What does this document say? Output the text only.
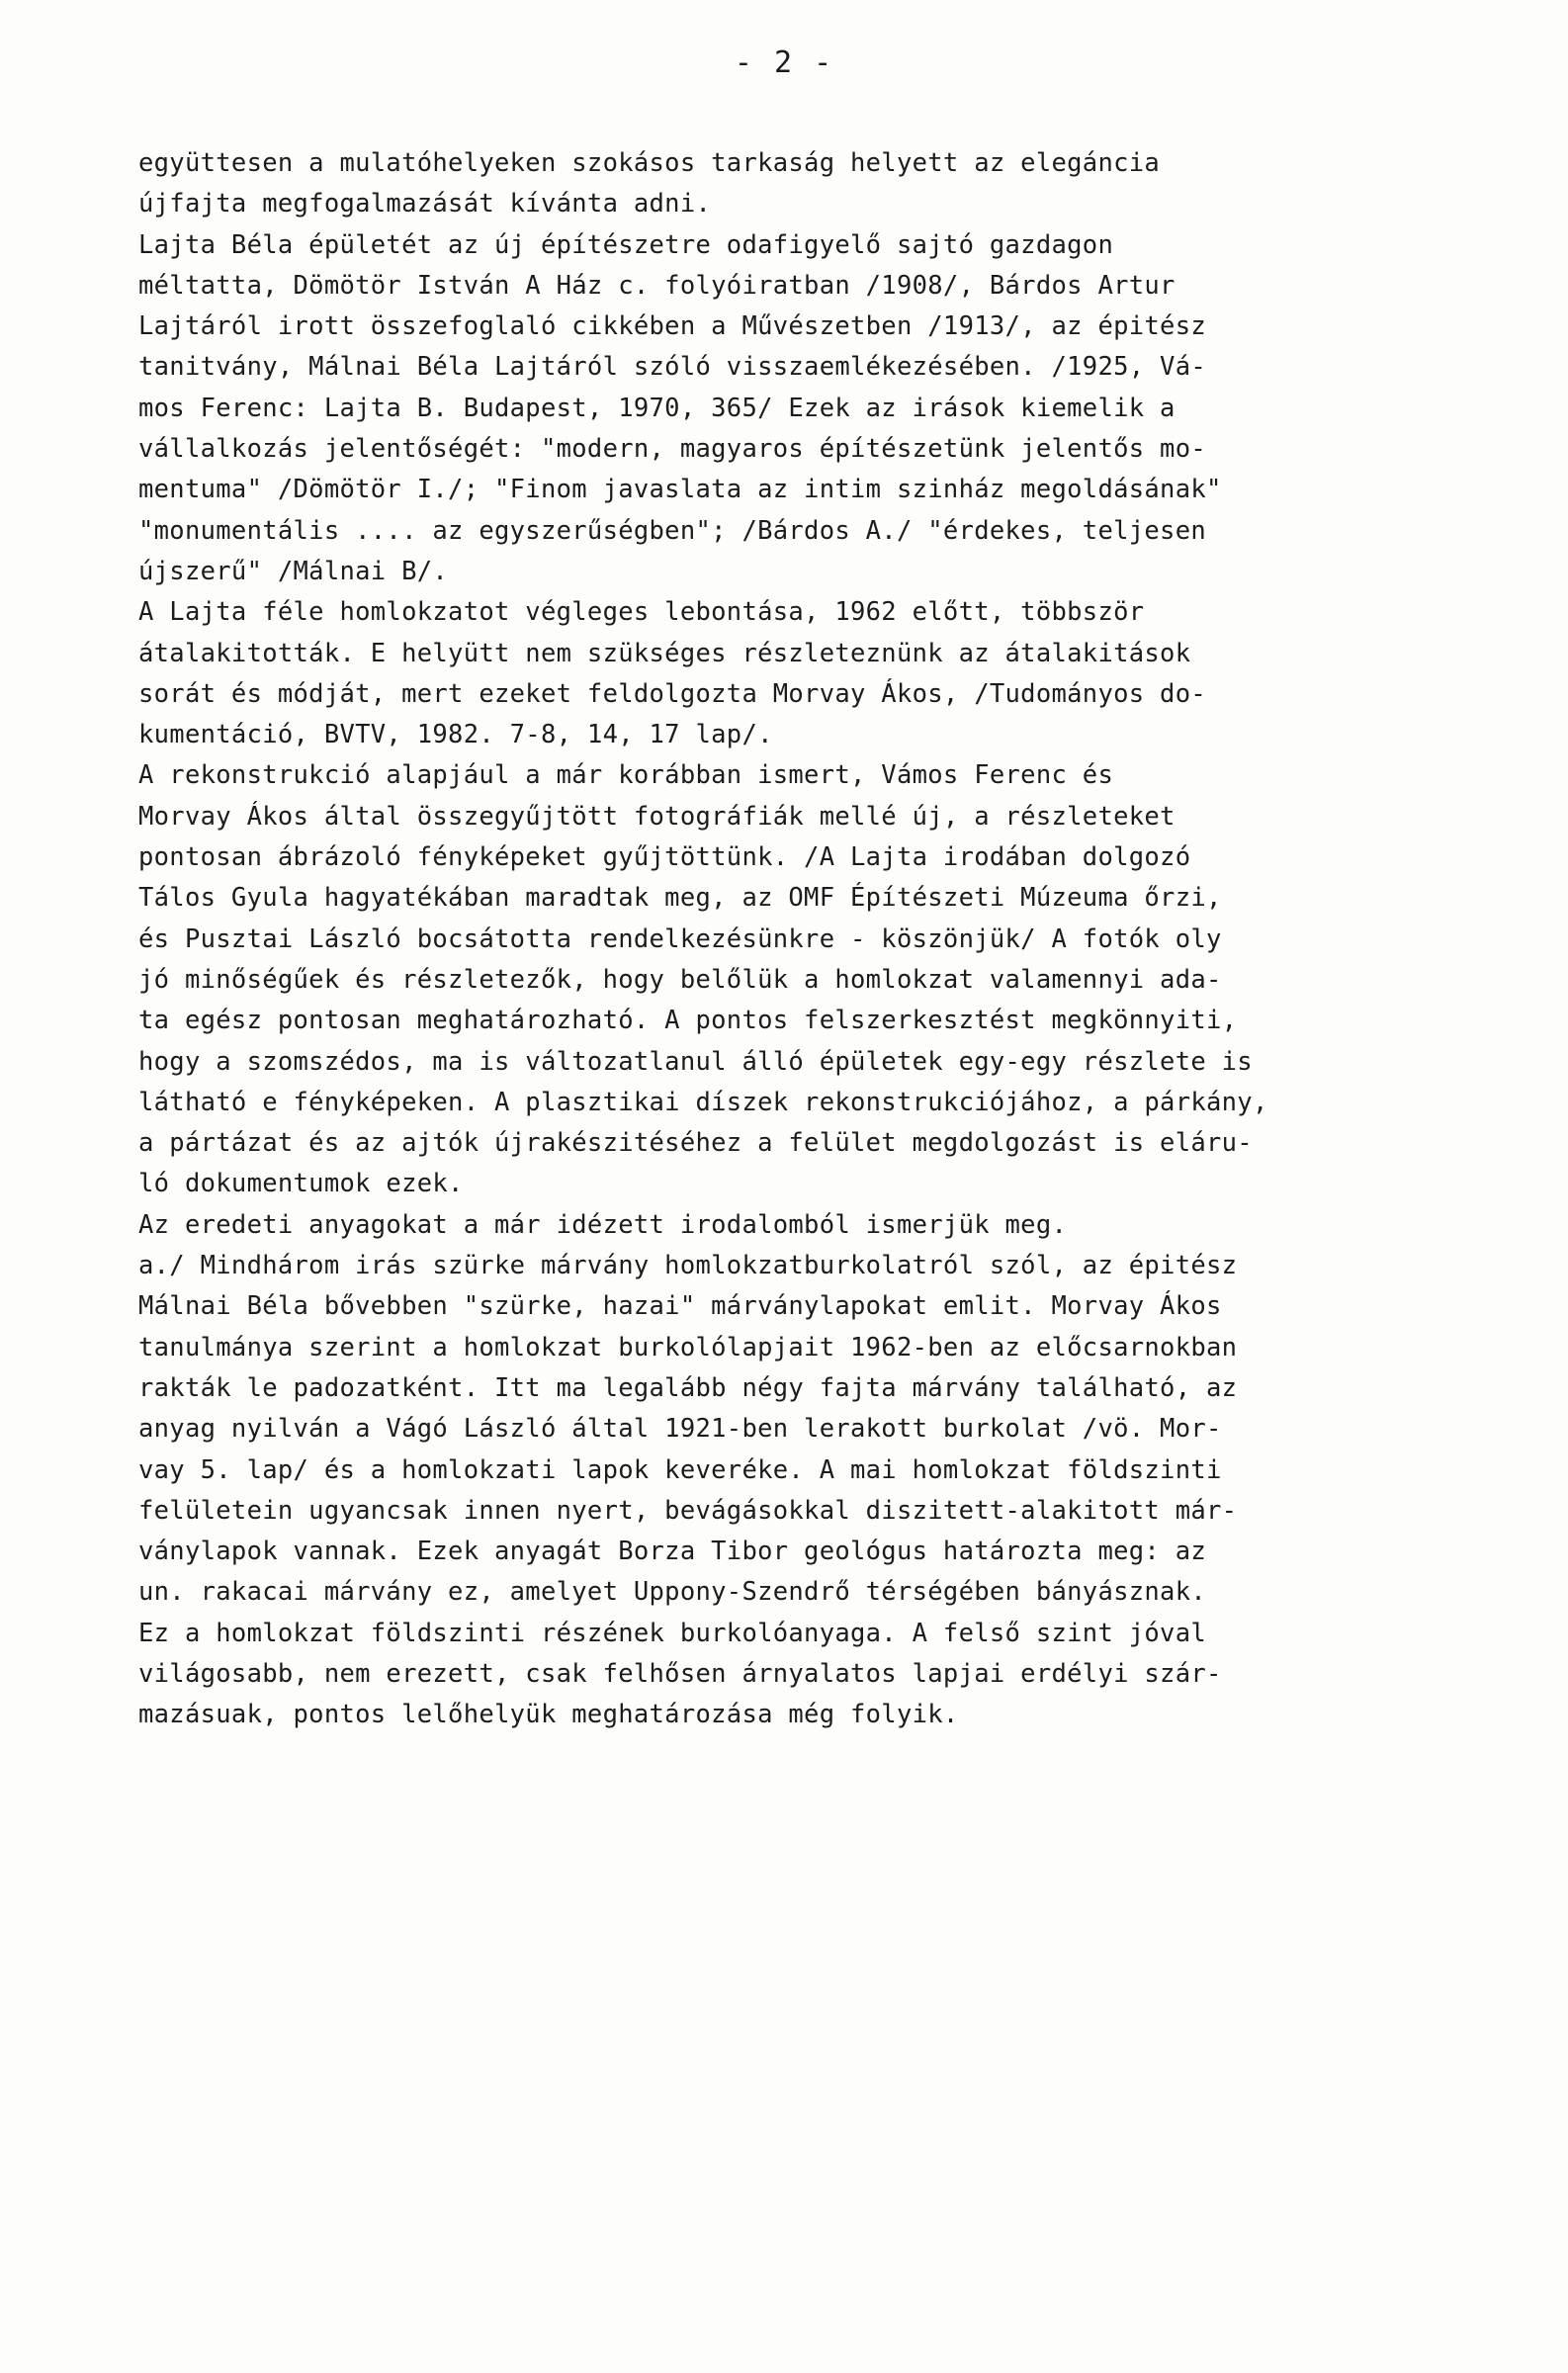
- 2 -
együttesen a mulatóhelyeken szokásos tarkaság helyett az elegáncia
újfajta megfogalmazását kívánta adni.
Lajta Béla épületét az új építészetre odafigyelő sajtó gazdagon
méltatta, Dömötör István A Ház c. folyóiratban /1908/, Bárdos Artur
Lajtáról irott összefoglaló cikkében a Művészetben /1913/, az épitész
tanitvány, Málnai Béla Lajtáról szóló visszaemlékezésében. /1925, Vá-
mos Ferenc: Lajta B. Budapest, 1970, 365/ Ezek az irások kiemelik a
vállalkozás jelentőségét: "modern, magyaros építészetünk jelentős mo-
mentuma" /Dömötör I./; "Finom javaslata az intim szinház megoldásának"
"monumentális .... az egyszerűségben"; /Bárdos A./ "érdekes, teljesen
újszerű" /Málnai B/.
A Lajta féle homlokzatot végleges lebontása, 1962 előtt, többször
átalakitották. E helyütt nem szükséges részleteznünk az átalakitások
sorát és módját, mert ezeket feldolgozta Morvay Ákos, /Tudományos do-
kumentáció, BVTV, 1982. 7-8, 14, 17 lap/.
A rekonstrukció alapjául a már korábban ismert, Vámos Ferenc és
Morvay Ákos által összegyűjtött fotográfiák mellé új, a részleteket
pontosan ábrázoló fényképeket gyűjtöttünk. /A Lajta irodában dolgozó
Tálos Gyula hagyatékában maradtak meg, az OMF Építészeti Múzeuma őrzi,
és Pusztai László bocsátotta rendelkezésünkre - köszönjük/ A fotók oly
jó minőségűek és részletezők, hogy belőlük a homlokzat valamennyi ada-
ta egész pontosan meghatározható. A pontos felszerkesztést megkönnyiti,
hogy a szomszédos, ma is változatlanul álló épületek egy-egy részlete is
látható e fényképeken. A plasztikai díszek rekonstrukciójához, a párkány,
a pártázat és az ajtók újrakészitéséhez a felület megdolgozást is eláru-
ló dokumentumok ezek.
Az eredeti anyagokat a már idézett irodalomból ismerjük meg.
a./ Mindhárom irás szürke márvány homlokzatburkolatról szól, az épitész
Málnai Béla bővebben "szürke, hazai" márványlapokat emlit. Morvay Ákos
tanulmánya szerint a homlokzat burkolólapjait 1962-ben az előcsarnokban
rakták le padozatként. Itt ma legalább négy fajta márvány található, az
anyag nyilván a Vágó László által 1921-ben lerakott burkolat /vö. Mor-
vay 5. lap/ és a homlokzati lapok keveréke. A mai homlokzat földszinti
felületein ugyancsak innen nyert, bevágásokkal diszitett-alakitott már-
ványlapok vannak. Ezek anyagát Borza Tibor geológus határozta meg: az
un. rakacai márvány ez, amelyet Uppony-Szendrő térségében bányásznak.
Ez a homlokzat földszinti részének burkolóanyaga. A felső szint jóval
világosabb, nem erezett, csak felhősen árnyalatos lapjai erdélyi szár-
mazásuak, pontos lelőhelyük meghatározása még folyik.
